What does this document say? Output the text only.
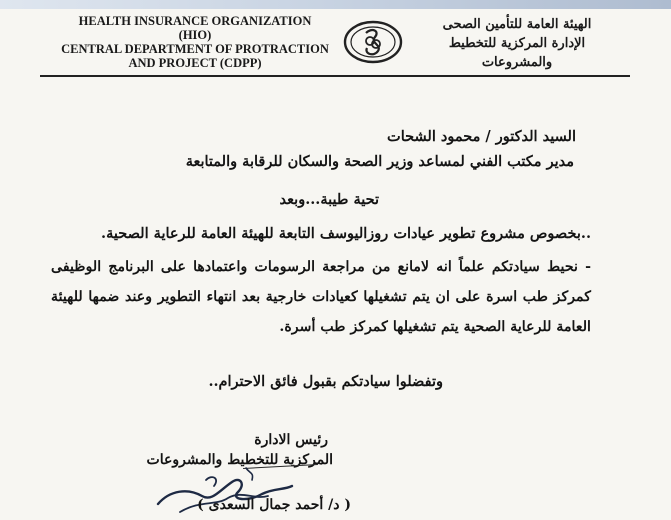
HEALTH INSURANCE ORGANIZATION
(HIO)
CENTRAL DEPARTMENT OF PROTRACTION
AND PROJECT (CDPP)
الهيئة العامة للتأمين الصحى
الإدارة المركزية للتخطيط والمشروعات
السيد الدكتور / محمود الشحات
مدير مكتب الفني لمساعد وزير الصحة والسكان للرقابة والمتابعة
تحية طيبة...وبعد
..بخصوص مشروع تطوير عيادات روزاليوسف التابعة للهيئة العامة للرعاية الصحية.
- نحيط سيادتكم علماً انه لامانع من مراجعة الرسومات واعتمادها على البرنامج الوظيفى كمركز طب اسرة على ان يتم تشغيلها كعيادات خارجية بعد انتهاء التطوير وعند ضمها للهيئة العامة للرعاية الصحية يتم تشغيلها كمركز طب أسرة.
وتفضلوا سيادتكم بقبول فائق الاحترام..
رئيس الادارة
المركزية للتخطيط والمشروعات
( د/ أحمد جمال السعدى )
